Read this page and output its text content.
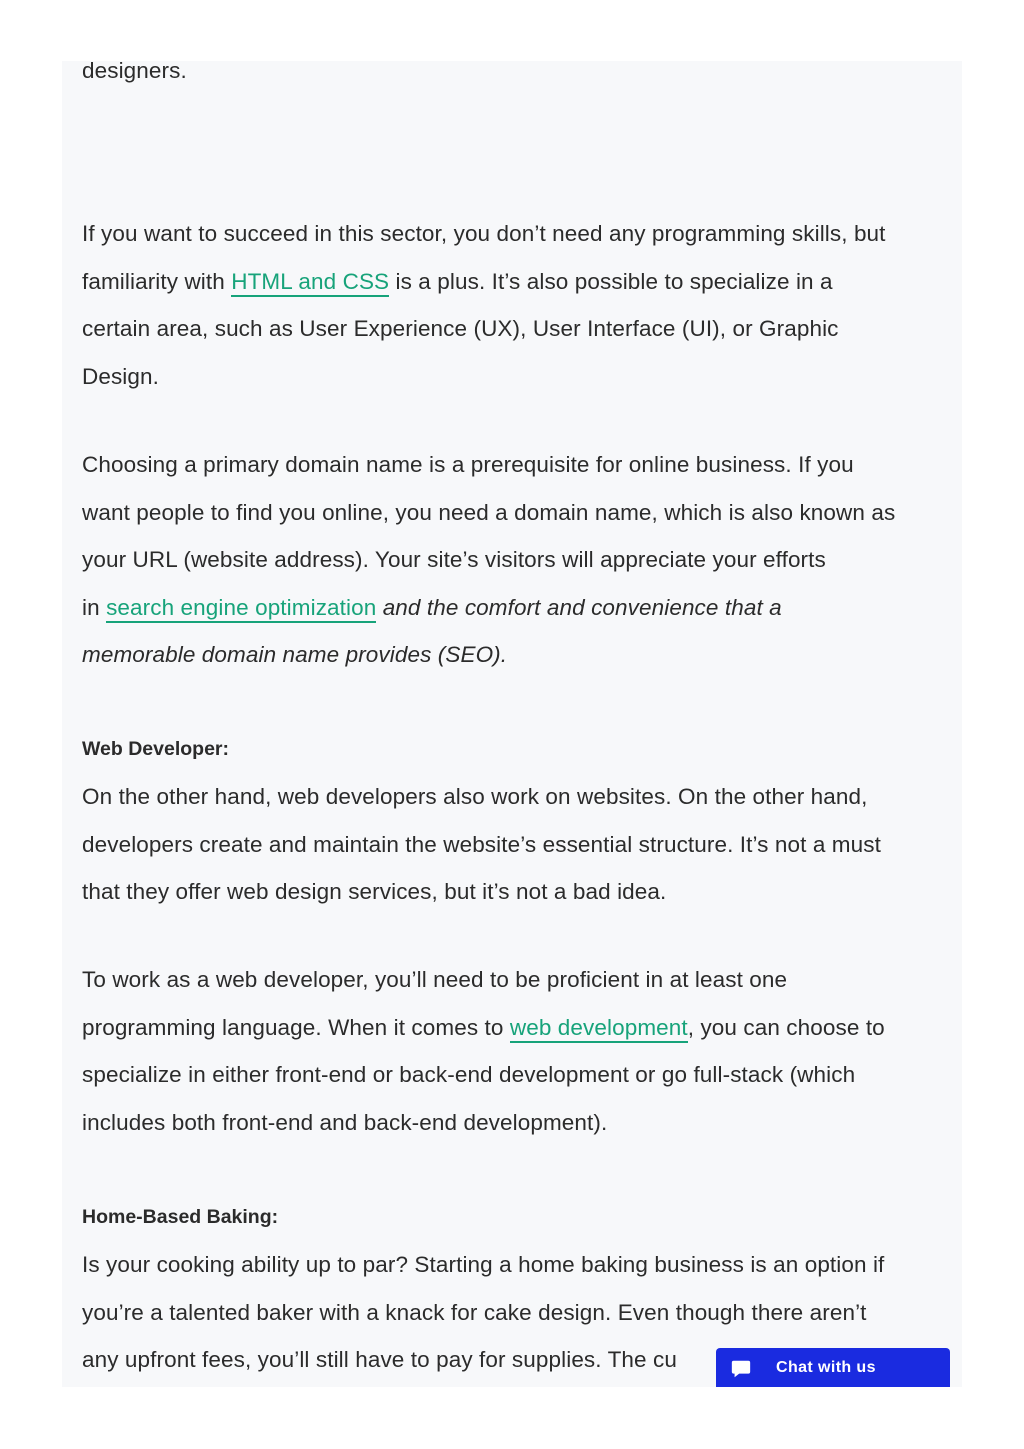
designers.

If you want to succeed in this sector, you don’t need any programming skills, but
familiarity with HTML and CSS is a plus. It’s also possible to specialize in a
certain area, such as User Experience (UX), User Interface (UI), or Graphic
Design.

Choosing a primary domain name is a prerequisite for online business. If you
want people to find you online, you need a domain name, which is also known as
your URL (website address). Your site’s visitors will appreciate your efforts
in search engine optimization and the comfort and convenience that a
memorable domain name provides (SEO).

Web Developer:

On the other hand, web developers also work on websites. On the other hand,
developers create and maintain the website’s essential structure. It’s not a must
that they offer web design services, but it’s not a bad idea.

To work as a web developer, you’ll need to be proficient in at least one
programming language. When it comes to web development, you can choose to
specialize in either front-end or back-end development or go full-stack (which
includes both front-end and back-end development).

Home-Based Baking:

Is your cooking ability up to par? Starting a home baking business is an option if
you’re a talented baker with a knack for cake design. Even though there aren’t
any upfront fees, you’ll still have to pay for supplies. The cu	Chat with us
